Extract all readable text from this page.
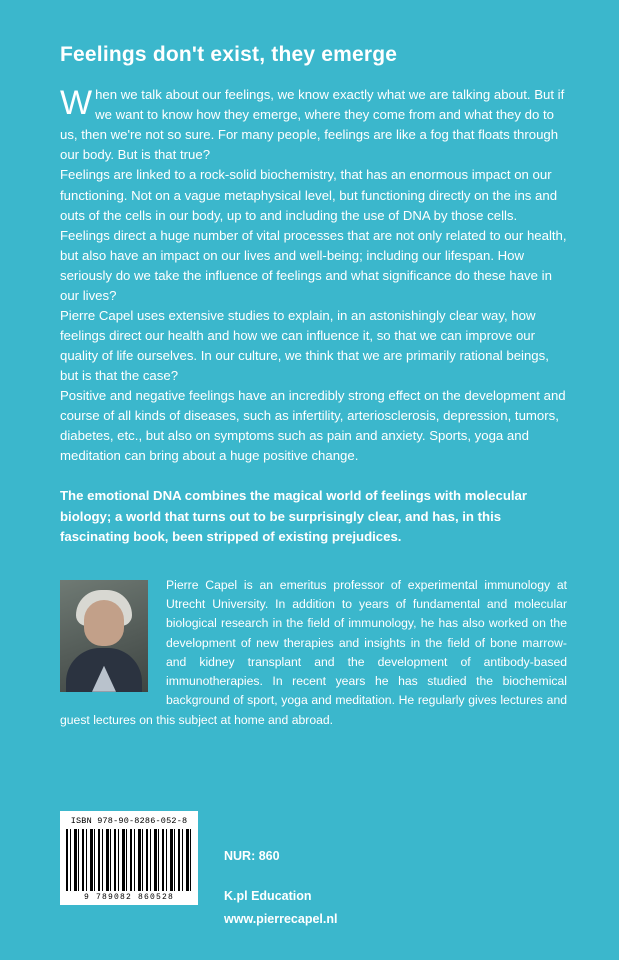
Feelings don't exist, they emerge

When we talk about our feelings, we know exactly what we are talking about. But if we want to know how they emerge, where they come from and what they do to us, then we're not so sure. For many people, feelings are like a fog that floats through our body. But is that true?

Feelings are linked to a rock-solid biochemistry, that has an enormous impact on our functioning. Not on a vague metaphysical level, but functioning directly on the ins and outs of the cells in our body, up to and including the use of DNA by those cells. Feelings direct a huge number of vital processes that are not only related to our health, but also have an impact on our lives and well-being; including our lifespan. How seriously do we take the influence of feelings and what significance do these have in our lives?

Pierre Capel uses extensive studies to explain, in an astonishingly clear way, how feelings direct our health and how we can influence it, so that we can improve our quality of life ourselves. In our culture, we think that we are primarily rational beings, but is that the case?

Positive and negative feelings have an incredibly strong effect on the development and course of all kinds of diseases, such as infertility, arteriosclerosis, depression, tumors, diabetes, etc., but also on symptoms such as pain and anxiety. Sports, yoga and meditation can bring about a huge positive change.

The emotional DNA combines the magical world of feelings with molecular biology; a world that turns out to be surprisingly clear, and has, in this fascinating book, been stripped of existing prejudices.

Pierre Capel is an emeritus professor of experimental immunology at Utrecht University. In addition to years of fundamental and molecular biological research in the field of immunology, he has also worked on the development of new therapies and insights in the field of bone marrow- and kidney transplant and the development of antibody-based immunotherapies. In recent years he has studied the biochemical background of sport, yoga and meditation. He regularly gives lectures and guest lectures on this subject at home and abroad.

ISBN 978-90-8286-052-8
9 789082 860528
NUR: 860
K.pl Education
www.pierrecapel.nl
